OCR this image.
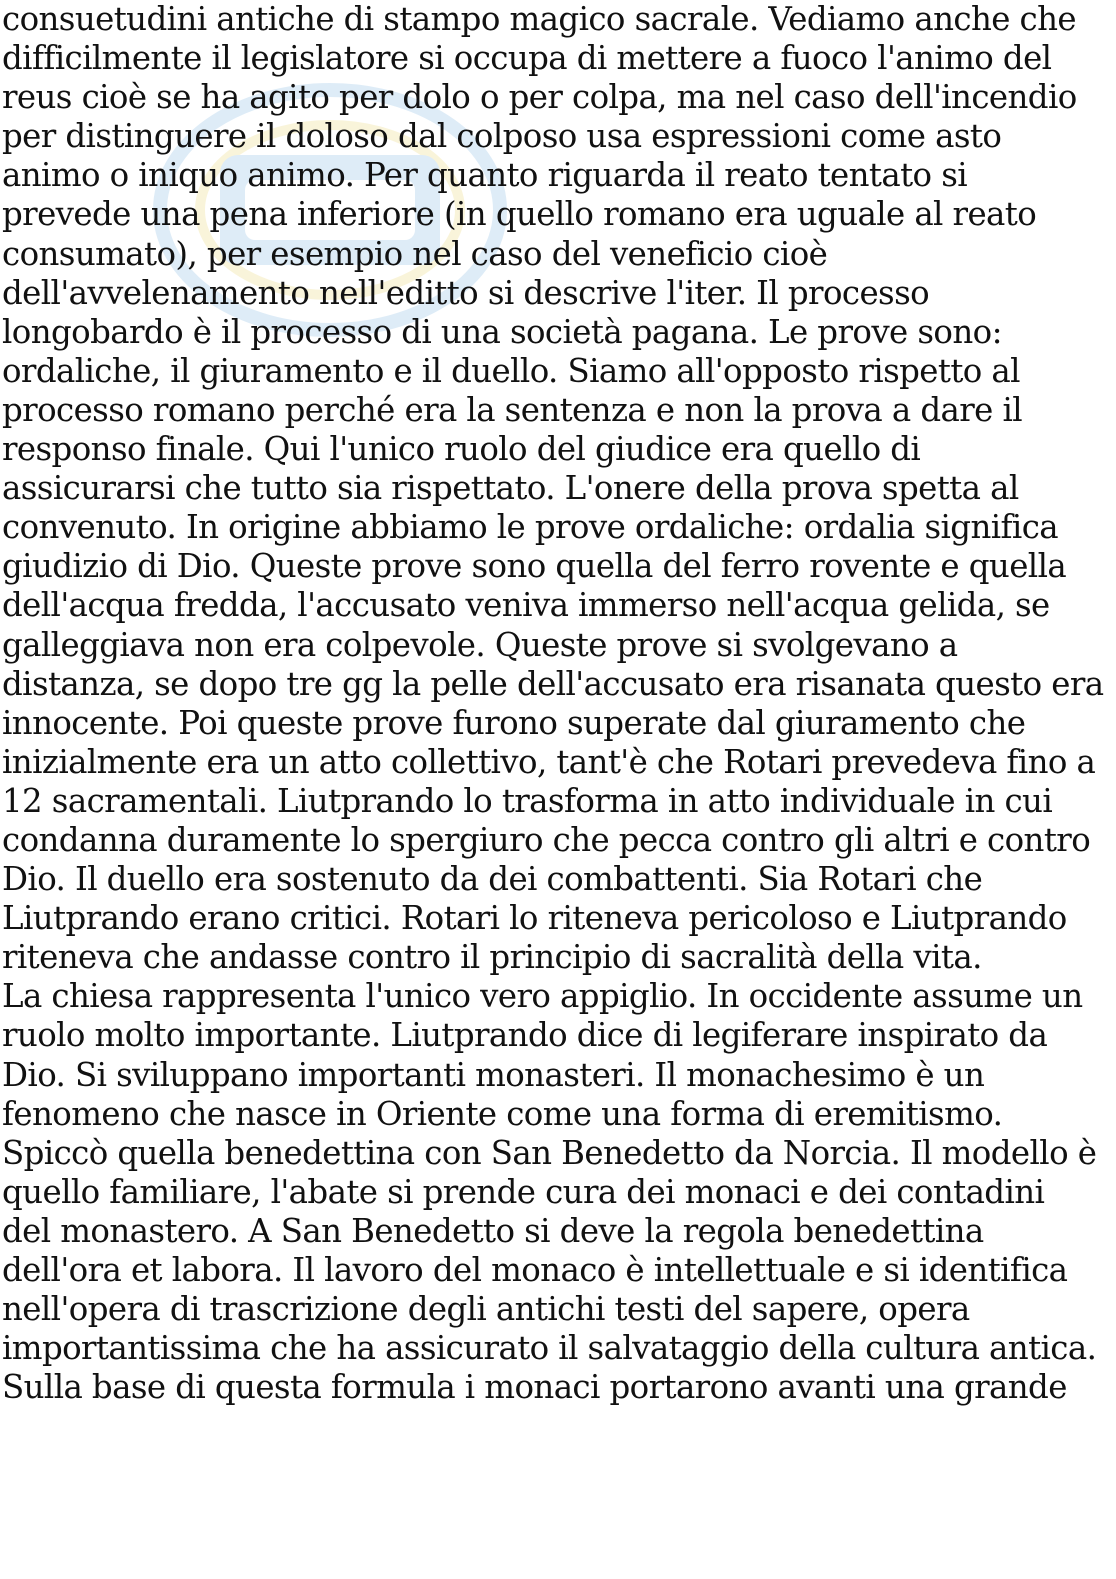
consuetudini antiche di stampo magico sacrale. Vediamo anche che
difficilmente il legislatore si occupa di mettere a fuoco l'animo del
reus cioè se ha agito per dolo o per colpa, ma nel caso dell'incendio
per distinguere il doloso dal colposo usa espressioni come asto
animo o iniquo animo. Per quanto riguarda il reato tentato si
prevede una pena inferiore (in quello romano era uguale al reato
consumato), per esempio nel caso del veneficio cioè
dell'avvelenamento nell'editto si descrive l'iter. Il processo
longobardo è il processo di una società pagana. Le prove sono:
ordaliche, il giuramento e il duello. Siamo all'opposto rispetto al
processo romano perché era la sentenza e non la prova a dare il
responso finale. Qui l'unico ruolo del giudice era quello di
assicurarsi che tutto sia rispettato. L'onere della prova spetta al
convenuto. In origine abbiamo le prove ordaliche: ordalia significa
giudizio di Dio. Queste prove sono quella del ferro rovente e quella
dell'acqua fredda, l'accusato veniva immerso nell'acqua gelida, se
galleggiava non era colpevole. Queste prove si svolgevano a
distanza, se dopo tre gg la pelle dell'accusato era risanata questo era
innocente. Poi queste prove furono superate dal giuramento che
inizialmente era un atto collettivo, tant'è che Rotari prevedeva fino a
12 sacramentali. Liutprando lo trasforma in atto individuale in cui
condanna duramente lo spergiuro che pecca contro gli altri e contro
Dio. Il duello era sostenuto da dei combattenti. Sia Rotari che
Liutprando erano critici. Rotari lo riteneva pericoloso e Liutprando
riteneva che andasse contro il principio di sacralità della vita.
La chiesa rappresenta l'unico vero appiglio. In occidente assume un
ruolo molto importante. Liutprando dice di legiferare inspirato da
Dio. Si sviluppano importanti monasteri. Il monachesimo è un
fenomeno che nasce in Oriente come una forma di eremitismo.
Spiccò quella benedettina con San Benedetto da Norcia. Il modello è
quello familiare, l'abate si prende cura dei monaci e dei contadini
del monastero. A San Benedetto si deve la regola benedettina
dell'ora et labora. Il lavoro del monaco è intellettuale e si identifica
nell'opera di trascrizione degli antichi testi del sapere, opera
importantissima che ha assicurato il salvataggio della cultura antica.
Sulla base di questa formula i monaci portarono avanti una grande
